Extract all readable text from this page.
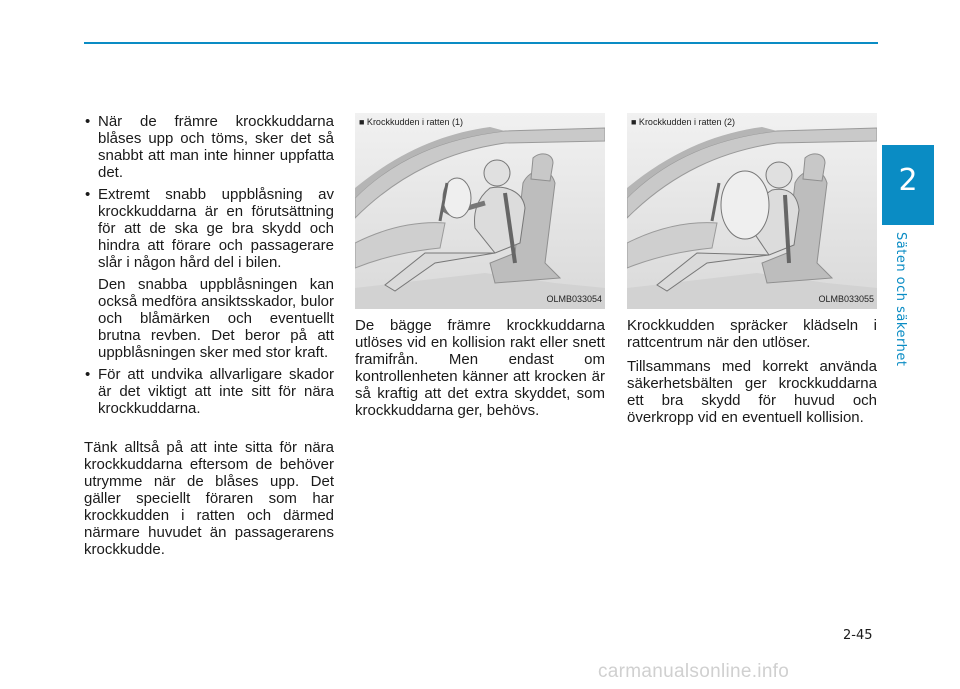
2
Säten och säkerhet
• När de främre krockkuddarna blåses upp och töms, sker det så snabbt att man inte hinner uppfatta det.
• Extremt snabb uppblåsning av krockkuddarna är en förutsättning för att de ska ge bra skydd och hindra att förare och passagerare slår i någon hård del i bilen.

Den snabba uppblåsningen kan också medföra ansiktsskador, bulor och blåmärken och eventuellt brutna revben. Det beror på att uppblåsningen sker med stor kraft.

• För att undvika allvarligare skador är det viktigt att inte sitt för nära krockkuddarna.

Tänk alltså på att inte sitta för nära krockkuddarna eftersom de behöver utrymme när de blåses upp. Det gäller speciellt föraren som har krockkudden i ratten och därmed närmare huvudet än passagerarens krockkudde.

■ Krockkudden i ratten (1)
OLMB033054

De bägge främre krockkuddarna utlöses vid en kollision rakt eller snett framifrån. Men endast om kontrollenheten känner att krocken är så kraftig att det extra skyddet, som krockkuddarna ger, behövs.

■ Krockkudden i ratten (2)
OLMB033055

Krockkudden spräcker klädseln i rattcentrum när den utlöser.

Tillsammans med korrekt använda säkerhetsbälten ger krockkuddarna ett bra skydd för huvud och överkropp vid en eventuell kollision.

2-45
carmanualsonline.info
